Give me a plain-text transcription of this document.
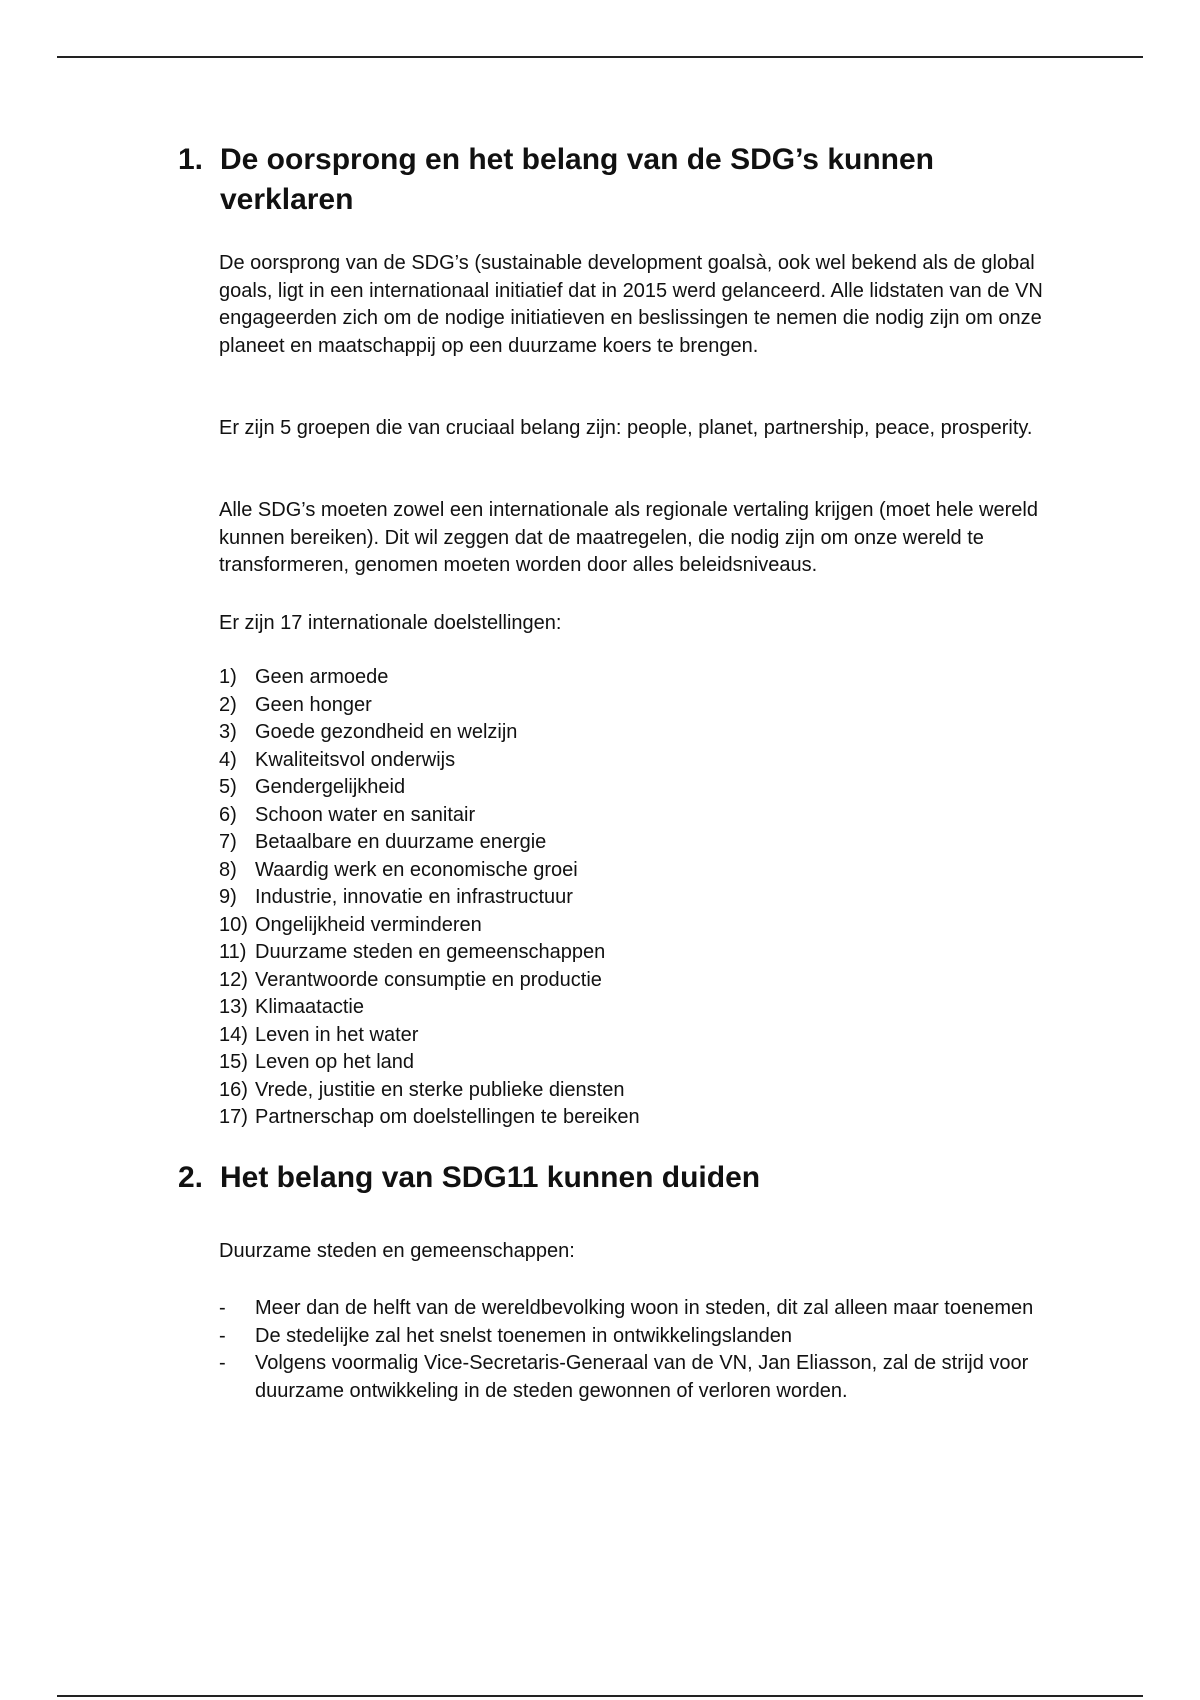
1. De oorsprong en het belang van de SDG’s kunnen verklaren

De oorsprong van de SDG’s (sustainable development goalsà, ook wel bekend als de global goals, ligt in een internationaal initiatief dat in 2015 werd gelanceerd. Alle lidstaten van de VN engageerden zich om de nodige initiatieven en beslissingen te nemen die nodig zijn om onze planeet en maatschappij op een duurzame koers te brengen.

Er zijn 5 groepen die van cruciaal belang zijn: people, planet, partnership, peace, prosperity.

Alle SDG’s moeten zowel een internationale als regionale vertaling krijgen (moet hele wereld kunnen bereiken). Dit wil zeggen dat de maatregelen, die nodig zijn om onze wereld te transformeren, genomen moeten worden door alles beleidsniveaus.

Er zijn 17 internationale doelstellingen:

1) Geen armoede
2) Geen honger
3) Goede gezondheid en welzijn
4) Kwaliteitsvol onderwijs
5) Gendergelijkheid
6) Schoon water en sanitair
7) Betaalbare en duurzame energie
8) Waardig werk en economische groei
9) Industrie, innovatie en infrastructuur
10) Ongelijkheid verminderen
11) Duurzame steden en gemeenschappen
12) Verantwoorde consumptie en productie
13) Klimaatactie
14) Leven in het water
15) Leven op het land
16) Vrede, justitie en sterke publieke diensten
17) Partnerschap om doelstellingen te bereiken
2. Het belang van SDG11 kunnen duiden

Duurzame steden en gemeenschappen:

-	Meer dan de helft van de wereldbevolking woon in steden, dit zal alleen maar toenemen
-	De stedelijke zal het snelst toenemen in ontwikkelingslanden
-	Volgens voormalig Vice-Secretaris-Generaal van de VN, Jan Eliasson, zal de strijd voor duurzame ontwikkeling in de steden gewonnen of verloren worden.
